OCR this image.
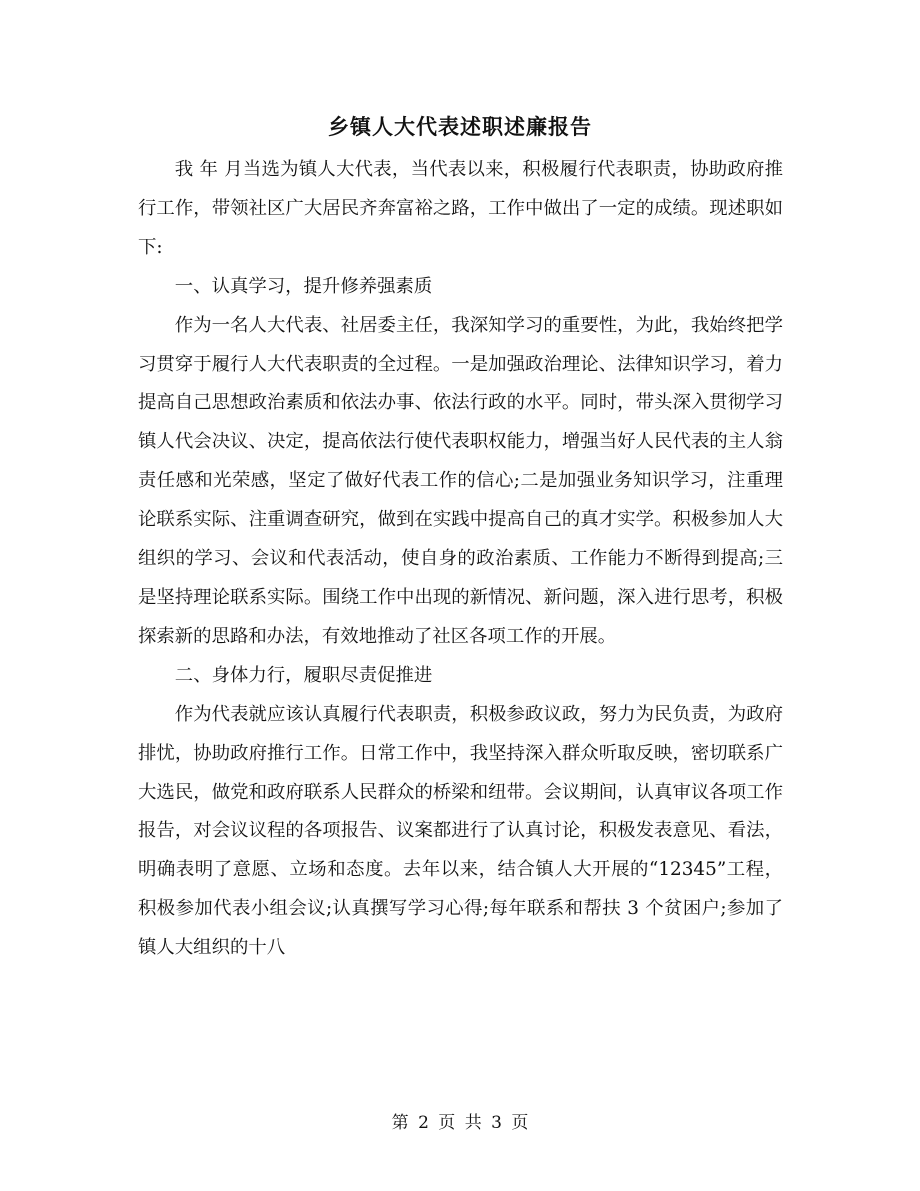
乡镇人大代表述职述廉报告

我 年 月当选为镇人大代表，当代表以来，积极履行代表职责，协助政府推行工作，带领社区广大居民齐奔富裕之路，工作中做出了一定的成绩。现述职如下:

一、认真学习，提升修养强素质

作为一名人大代表、社居委主任，我深知学习的重要性，为此，我始终把学习贯穿于履行人大代表职责的全过程。一是加强政治理论、法律知识学习，着力提高自己思想政治素质和依法办事、依法行政的水平。同时，带头深入贯彻学习镇人代会决议、决定，提高依法行使代表职权能力，增强当好人民代表的主人翁责任感和光荣感，坚定了做好代表工作的信心;二是加强业务知识学习，注重理论联系实际、注重调查研究，做到在实践中提高自己的真才实学。积极参加人大组织的学习、会议和代表活动，使自身的政治素质、工作能力不断得到提高;三是坚持理论联系实际。围绕工作中出现的新情况、新问题，深入进行思考，积极探索新的思路和办法，有效地推动了社区各项工作的开展。

二、身体力行，履职尽责促推进

作为代表就应该认真履行代表职责，积极参政议政，努力为民负责，为政府排忧，协助政府推行工作。日常工作中，我坚持深入群众听取反映，密切联系广大选民，做党和政府联系人民群众的桥梁和纽带。会议期间，认真审议各项工作报告，对会议议程的各项报告、议案都进行了认真讨论，积极发表意见、看法，明确表明了意愿、立场和态度。去年以来，结合镇人大开展的“12345”工程，积极参加代表小组会议;认真撰写学习心得;每年联系和帮扶 3 个贫困户;参加了镇人大组织的十八

第 2 页 共 3 页
